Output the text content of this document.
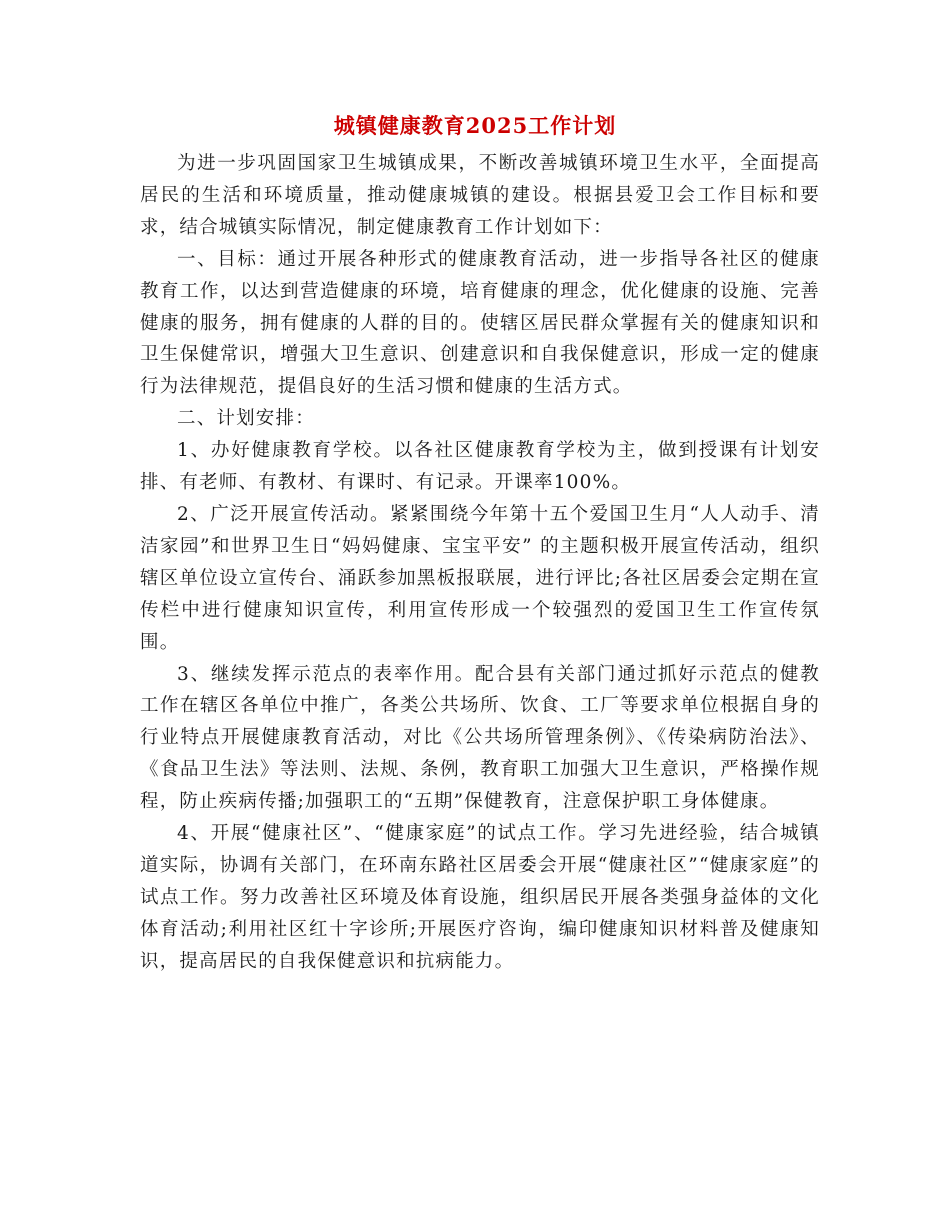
城镇健康教育2025工作计划

为进一步巩固国家卫生城镇成果，不断改善城镇环境卫生水平，全面提高居民的生活和环境质量，推动健康城镇的建设。根据县爱卫会工作目标和要求，结合城镇实际情况，制定健康教育工作计划如下：

一、目标：通过开展各种形式的健康教育活动，进一步指导各社区的健康教育工作，以达到营造健康的环境，培育健康的理念，优化健康的设施、完善健康的服务，拥有健康的人群的目的。使辖区居民群众掌握有关的健康知识和卫生保健常识，增强大卫生意识、创建意识和自我保健意识，形成一定的健康行为法律规范，提倡良好的生活习惯和健康的生活方式。

二、计划安排：

1、办好健康教育学校。以各社区健康教育学校为主，做到授课有计划安排、有老师、有教材、有课时、有记录。开课率100%。

2、广泛开展宣传活动。紧紧围绕今年第十五个爱国卫生月“人人动手、清洁家园”和世界卫生日“妈妈健康、宝宝平安” 的主题积极开展宣传活动，组织辖区单位设立宣传台、涌跃参加黑板报联展，进行评比;各社区居委会定期在宣传栏中进行健康知识宣传，利用宣传形成一个较强烈的爱国卫生工作宣传氛围。

3、继续发挥示范点的表率作用。配合县有关部门通过抓好示范点的健教工作在辖区各单位中推广，各类公共场所、饮食、工厂等要求单位根据自身的行业特点开展健康教育活动，对比《公共场所管理条例》、《传染病防治法》、《食品卫生法》等法则、法规、条例，教育职工加强大卫生意识，严格操作规程，防止疾病传播;加强职工的“五期”保健教育，注意保护职工身体健康。

4、开展“健康社区”、“健康家庭”的试点工作。学习先进经验，结合城镇道实际，协调有关部门，在环南东路社区居委会开展“健康社区”“健康家庭”的试点工作。努力改善社区环境及体育设施，组织居民开展各类强身益体的文化体育活动;利用社区红十字诊所;开展医疗咨询，编印健康知识材料普及健康知识，提高居民的自我保健意识和抗病能力。
